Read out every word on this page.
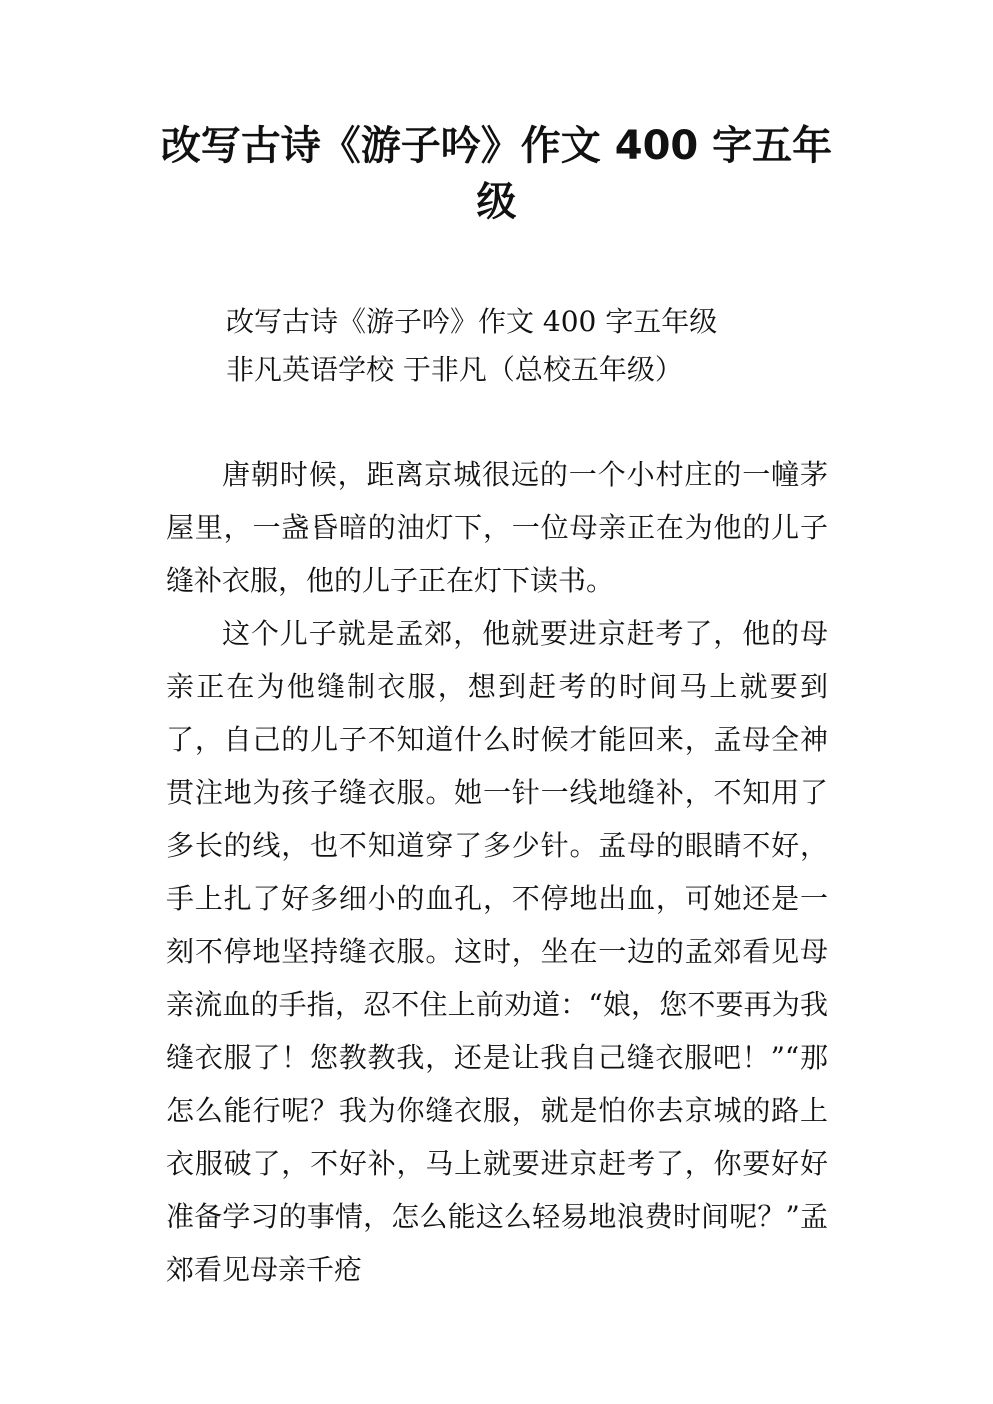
改写古诗《游子吟》作文 400 字五年级
改写古诗《游子吟》作文 400 字五年级
非凡英语学校 于非凡（总校五年级）

唐朝时候，距离京城很远的一个小村庄的一幢茅屋里，一盏昏暗的油灯下，一位母亲正在为他的儿子缝补衣服，他的儿子正在灯下读书。

这个儿子就是孟郊，他就要进京赶考了，他的母亲正在为他缝制衣服，想到赶考的时间马上就要到了，自己的儿子不知道什么时候才能回来，孟母全神贯注地为孩子缝衣服。她一针一线地缝补，不知用了多长的线，也不知道穿了多少针。孟母的眼睛不好，手上扎了好多细小的血孔，不停地出血，可她还是一刻不停地坚持缝衣服。这时，坐在一边的孟郊看见母亲流血的手指，忍不住上前劝道：“娘，您不要再为我缝衣服了！您教教我，还是让我自己缝衣服吧！”“那怎么能行呢？我为你缝衣服，就是怕你去京城的路上衣服破了，不好补，马上就要进京赶考了，你要好好准备学习的事情，怎么能这么轻易地浪费时间呢？”孟郊看见母亲千疮
